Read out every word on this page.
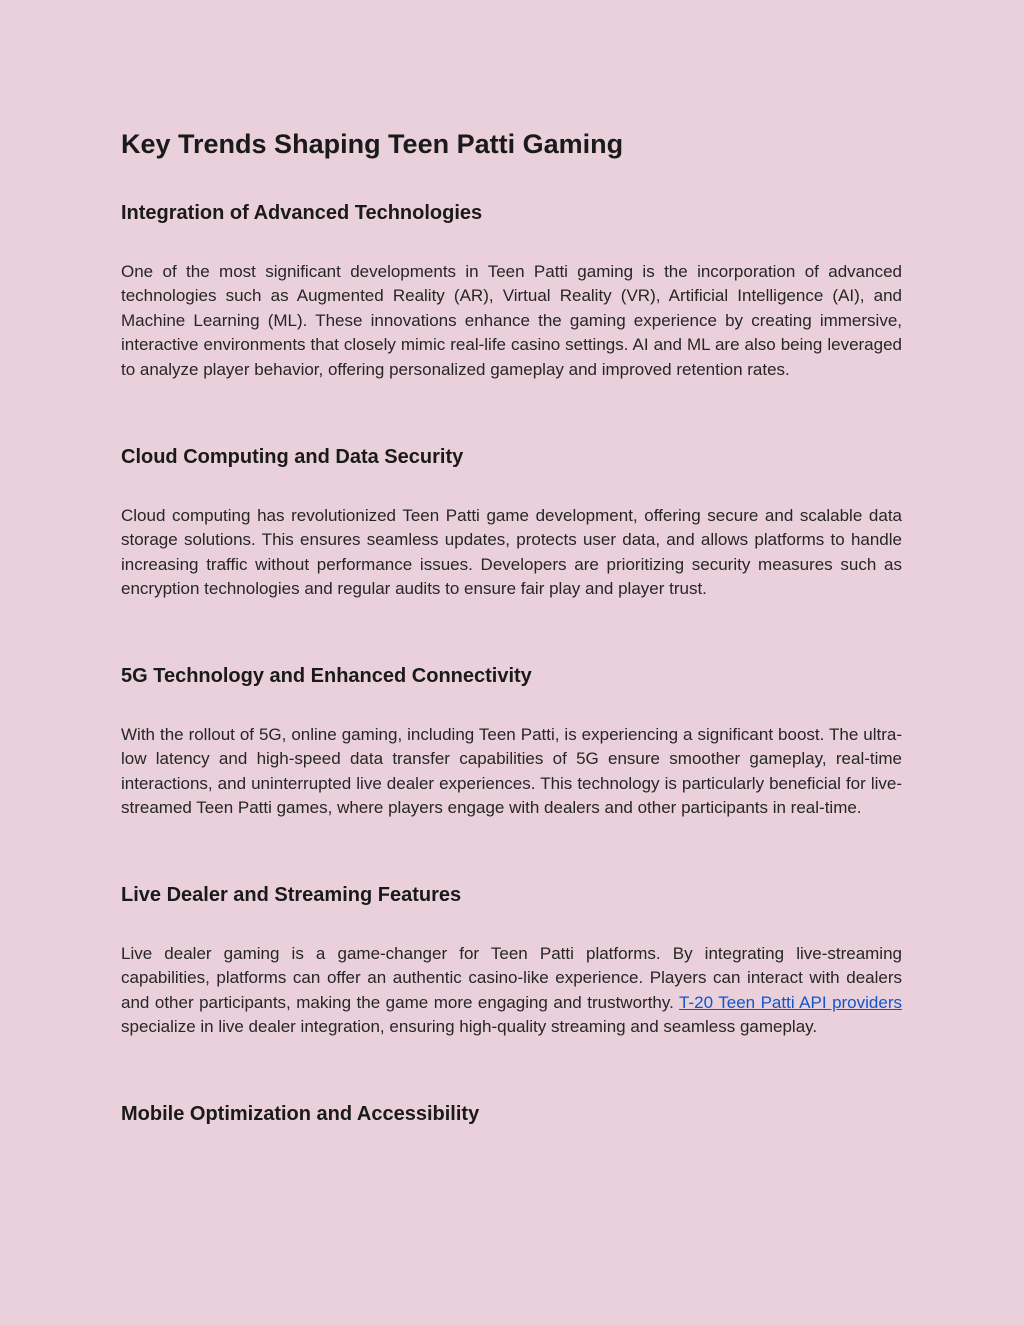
Key Trends Shaping Teen Patti Gaming
Integration of Advanced Technologies

One of the most significant developments in Teen Patti gaming is the incorporation of advanced technologies such as Augmented Reality (AR), Virtual Reality (VR), Artificial Intelligence (AI), and Machine Learning (ML). These innovations enhance the gaming experience by creating immersive, interactive environments that closely mimic real-life casino settings. AI and ML are also being leveraged to analyze player behavior, offering personalized gameplay and improved retention rates.

Cloud Computing and Data Security

Cloud computing has revolutionized Teen Patti game development, offering secure and scalable data storage solutions. This ensures seamless updates, protects user data, and allows platforms to handle increasing traffic without performance issues. Developers are prioritizing security measures such as encryption technologies and regular audits to ensure fair play and player trust.

5G Technology and Enhanced Connectivity

With the rollout of 5G, online gaming, including Teen Patti, is experiencing a significant boost. The ultra-low latency and high-speed data transfer capabilities of 5G ensure smoother gameplay, real-time interactions, and uninterrupted live dealer experiences. This technology is particularly beneficial for live-streamed Teen Patti games, where players engage with dealers and other participants in real-time.

Live Dealer and Streaming Features

Live dealer gaming is a game-changer for Teen Patti platforms. By integrating live-streaming capabilities, platforms can offer an authentic casino-like experience. Players can interact with dealers and other participants, making the game more engaging and trustworthy. T-20 Teen Patti API providers specialize in live dealer integration, ensuring high-quality streaming and seamless gameplay.

Mobile Optimization and Accessibility
